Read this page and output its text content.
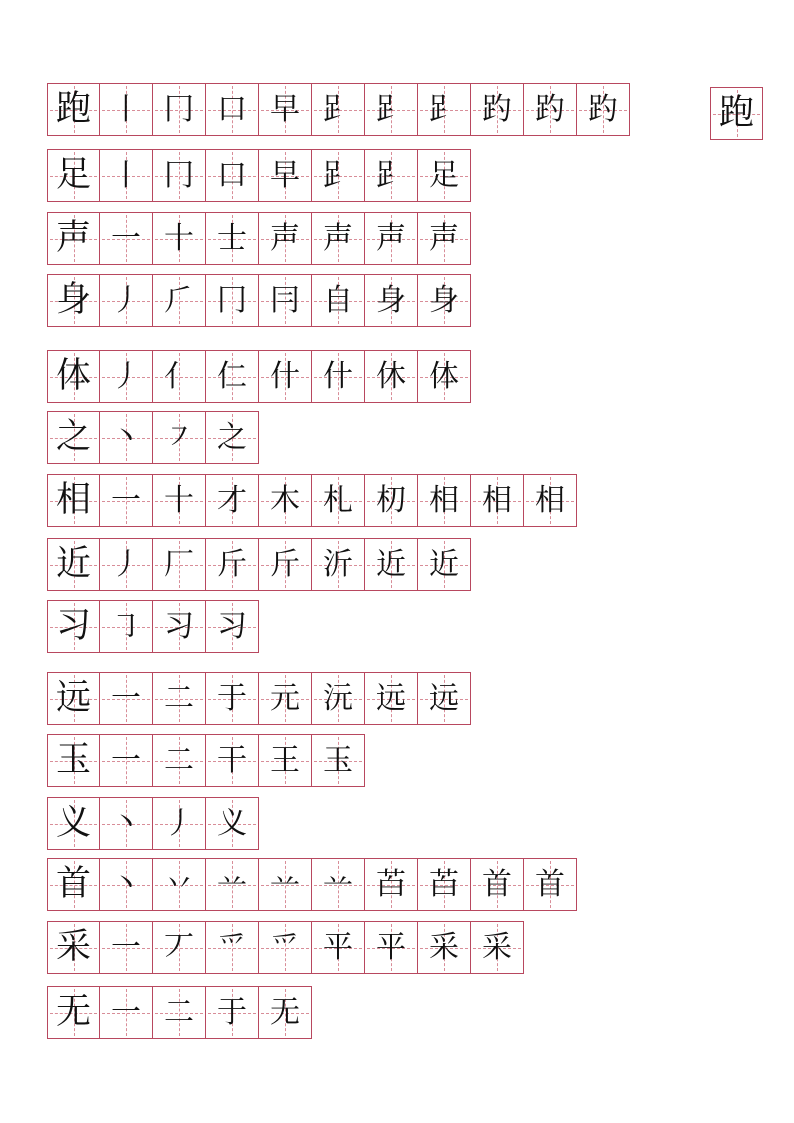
跑 丨 冂 口 早 𧾷 𧾷 𧾷 趵 趵 趵
足 丨 冂 口 早 𧾷 𧾷 足
声 一 十 士 声 声 声 声
身 丿 ⺁ 冂 冃 自 身 身
体 丿 亻 仁 什 什 休 体
之 丶 ㇇ 之
相 一 十 才 木 札 朷 相 相 相
近 丿 厂 斤 斤 沂 近 近
习 ㇆ 习 习
远 一 二 于 元 沅 远 远
玉 一 二 干 王 玉
义 丶 丿 义
首 丶 丷 䒑 䒑 䒑 苩 苩 首 首
采 一 丆 爫 爫 平 平 采 采
无 一 二 于 无
跑
